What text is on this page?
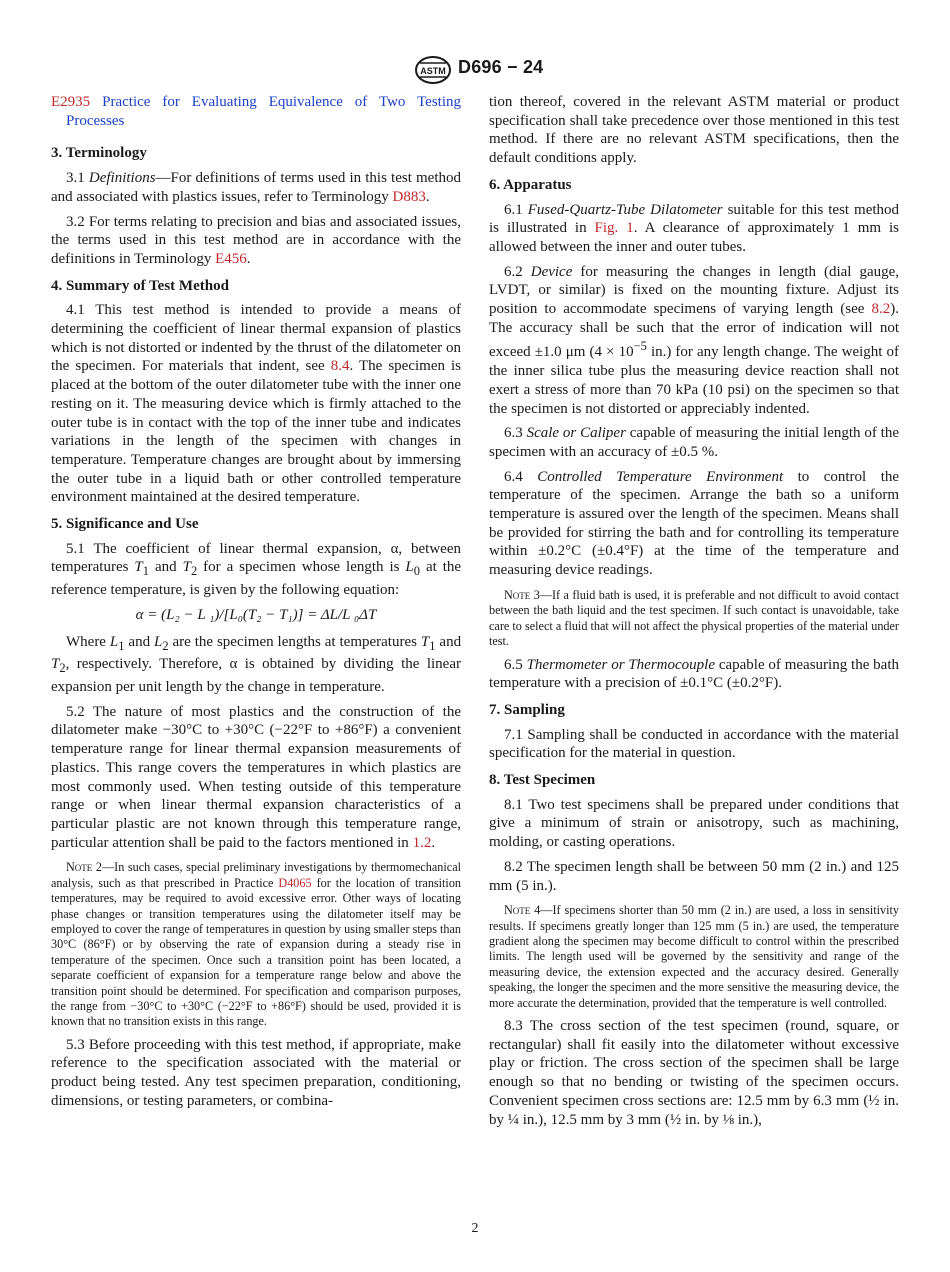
ASTM D696 − 24

E2935 Practice for Evaluating Equivalence of Two Testing Processes

3. Terminology

3.1 Definitions—For definitions of terms used in this test method and associated with plastics issues, refer to Terminology D883.

3.2 For terms relating to precision and bias and associated issues, the terms used in this test method are in accordance with the definitions in Terminology E456.

4. Summary of Test Method

4.1 This test method is intended to provide a means of determining the coefficient of linear thermal expansion of plastics which is not distorted or indented by the thrust of the dilatometer on the specimen. For materials that indent, see 8.4. The specimen is placed at the bottom of the outer dilatometer tube with the inner one resting on it. The measuring device which is firmly attached to the outer tube is in contact with the top of the inner tube and indicates variations in the length of the specimen with changes in temperature. Temperature changes are brought about by immersing the outer tube in a liquid bath or other controlled temperature environment maintained at the desired temperature.

5. Significance and Use

5.1 The coefficient of linear thermal expansion, α, between temperatures $T_1$ and $T_2$ for a specimen whose length is $L_0$ at the reference temperature, is given by the following equation:

α = (L₂ − L ₁)/[L₀(T₂ − T₁)] = ΔL/L ₀ΔT

Where $L_1$ and $L_2$ are the specimen lengths at temperatures $T_1$ and $T_2$, respectively. Therefore, α is obtained by dividing the linear expansion per unit length by the change in temperature.

5.2 The nature of most plastics and the construction of the dilatometer make −30°C to +30°C (−22°F to +86°F) a convenient temperature range for linear thermal expansion measurements of plastics. This range covers the temperatures in which plastics are most commonly used. When testing outside of this temperature range or when linear thermal expansion characteristics of a particular plastic are not known through this temperature range, particular attention shall be paid to the factors mentioned in 1.2.

Note 2—In such cases, special preliminary investigations by thermomechanical analysis, such as that prescribed in Practice D4065 for the location of transition temperatures, may be required to avoid excessive error. Other ways of locating phase changes or transition temperatures using the dilatometer itself may be employed to cover the range of temperatures in question by using smaller steps than 30°C (86°F) or by observing the rate of expansion during a steady rise in temperature of the specimen. Once such a transition point has been located, a separate coefficient of expansion for a temperature range below and above the transition point should be determined. For specification and comparison purposes, the range from −30°C to +30°C (−22°F to +86°F) should be used, provided it is known that no transition exists in this range.

5.3 Before proceeding with this test method, if appropriate, make reference to the specification associated with the material or product being tested. Any test specimen preparation, conditioning, dimensions, or testing parameters, or combina-

tion thereof, covered in the relevant ASTM material or product specification shall take precedence over those mentioned in this test method. If there are no relevant ASTM specifications, then the default conditions apply.

6. Apparatus

6.1 Fused-Quartz-Tube Dilatometer suitable for this test method is illustrated in Fig. 1. A clearance of approximately 1 mm is allowed between the inner and outer tubes.

6.2 Device for measuring the changes in length (dial gauge, LVDT, or similar) is fixed on the mounting fixture. Adjust its position to accommodate specimens of varying length (see 8.2). The accuracy shall be such that the error of indication will not exceed ±1.0 μm ($4 \times 10^{-5}$ in.) for any length change. The weight of the inner silica tube plus the measuring device reaction shall not exert a stress of more than 70 kPa (10 psi) on the specimen so that the specimen is not distorted or appreciably indented.

6.3 Scale or Caliper capable of measuring the initial length of the specimen with an accuracy of ±0.5 %.

6.4 Controlled Temperature Environment to control the temperature of the specimen. Arrange the bath so a uniform temperature is assured over the length of the specimen. Means shall be provided for stirring the bath and for controlling its temperature within ±0.2°C (±0.4°F) at the time of the temperature and measuring device readings.

Note 3—If a fluid bath is used, it is preferable and not difficult to avoid contact between the bath liquid and the test specimen. If such contact is unavoidable, take care to select a fluid that will not affect the physical properties of the material under test.

6.5 Thermometer or Thermocouple capable of measuring the bath temperature with a precision of ±0.1°C (±0.2°F).

7. Sampling

7.1 Sampling shall be conducted in accordance with the material specification for the material in question.

8. Test Specimen

8.1 Two test specimens shall be prepared under conditions that give a minimum of strain or anisotropy, such as machining, molding, or casting operations.

8.2 The specimen length shall be between 50 mm (2 in.) and 125 mm (5 in.).

Note 4—If specimens shorter than 50 mm (2 in.) are used, a loss in sensitivity results. If specimens greatly longer than 125 mm (5 in.) are used, the temperature gradient along the specimen may become difficult to control within the prescribed limits. The length used will be governed by the sensitivity and range of the measuring device, the extension expected and the accuracy desired. Generally speaking, the longer the specimen and the more sensitive the measuring device, the more accurate the determination, provided that the temperature is well controlled.

8.3 The cross section of the test specimen (round, square, or rectangular) shall fit easily into the dilatometer without excessive play or friction. The cross section of the specimen shall be large enough so that no bending or twisting of the specimen occurs. Convenient specimen cross sections are: 12.5 mm by 6.3 mm (½ in. by ¼ in.), 12.5 mm by 3 mm (½ in. by ⅛ in.),

2
